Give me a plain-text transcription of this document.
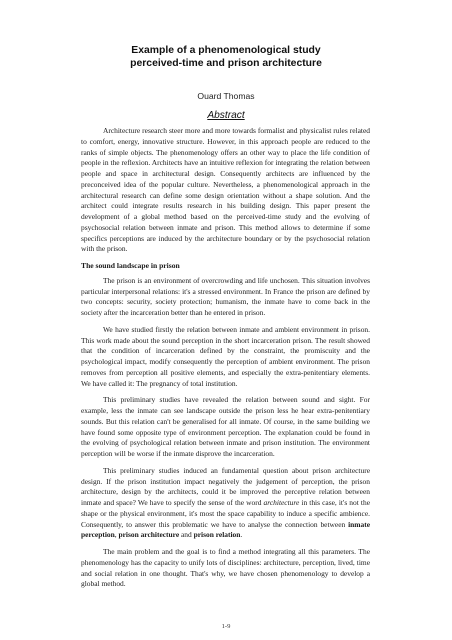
Example of a phenomenological study
perceived-time and prison architecture
Ouard Thomas
Abstract

Architecture research steer more and more towards formalist and physicalist rules related to comfort, energy, innovative structure. However, in this approach people are reduced to the ranks of simple objects. The phenomenology offers an other way to place the life condition of people in the reflexion. Architects have an intuitive reflexion for integrating the relation between people and space in architectural design. Consequently architects are influenced by the preconceived idea of the popular culture. Nevertheless, a phenomenological approach in the architectural research can define some design orientation without a shape solution. And the architect could integrate results research in his building design. This paper present the development of a global method based on the perceived-time study and the evolving of psychosocial relation between inmate and prison. This method allows to determine if some specifics perceptions are induced by the architecture boundary or by the psychosocial relation with the prison.

The sound landscape in prison

The prison is an environment of overcrowding and life unchosen. This situation involves particular interpersonal relations: it's a stressed environment. In France the prison are defined by two concepts: security, society protection; humanism, the inmate have to come back in the society after the incarceration better than he entered in prison.

We have studied firstly the relation between inmate and ambient environment in prison. This work made about the sound perception in the short incarceration prison. The result showed that the condition of incarceration defined by the constraint, the promiscuity and the psychological impact, modify consequently the perception of ambient environment. The prison removes from perception all positive elements, and especially the extra-penitentiary elements. We have called it: The pregnancy of total institution.

This preliminary studies have revealed the relation between sound and sight. For example, less the inmate can see landscape outside the prison less he hear extra-penitentiary sounds. But this relation can't be generalised for all inmate. Of course, in the same building we have found some opposite type of environment perception. The explanation could be found in the evolving of psychological relation between inmate and prison institution. The environment perception will be worse if the inmate disprove the incarceration.

This preliminary studies induced an fundamental question about prison architecture design. If the prison institution impact negatively the judgement of perception, the prison architecture, design by the architects, could it be improved the perceptive relation between inmate and space? We have to specify the sense of the word architecture in this case, it's not the shape or the physical environment, it's most the space capability to induce a specific ambience. Consequently, to answer this problematic we have to analyse the connection between inmate perception, prison architecture and prison relation.

The main problem and the goal is to find a method integrating all this parameters. The phenomenology has the capacity to unify lots of disciplines: architecture, perception, lived, time and social relation in one thought. That's why, we have chosen phenomenology to develop a global method.

1-9
